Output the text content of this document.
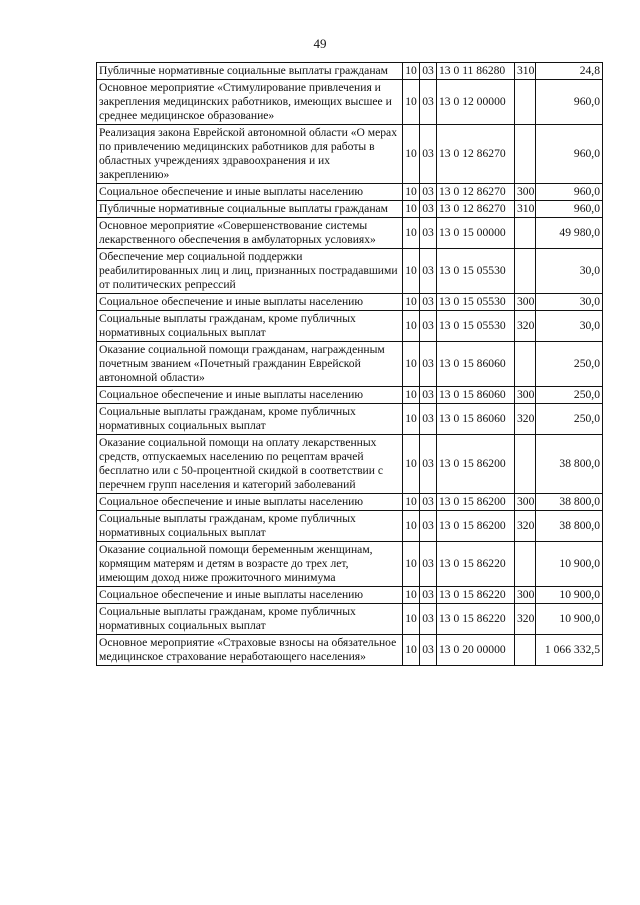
49
Публичные нормативные социальные выплаты гражданам	10	03	13 0 11 86280	310	24,8
Основное мероприятие «Стимулирование привлечения и закрепления медицинских работников, имеющих высшее и среднее медицинское образование»	10	03	13 0 12 00000		960,0
Реализация закона Еврейской автономной области «О мерах по привлечению медицинских работников для работы в областных учреждениях здравоохранения и их закреплению»	10	03	13 0 12 86270		960,0
Социальное обеспечение и иные выплаты населению	10	03	13 0 12 86270	300	960,0
Публичные нормативные социальные выплаты гражданам	10	03	13 0 12 86270	310	960,0
Основное мероприятие «Совершенствование системы лекарственного обеспечения в амбулаторных условиях»	10	03	13 0 15 00000		49 980,0
Обеспечение мер социальной поддержки реабилитированных лиц и лиц, признанных пострадавшими от политических репрессий	10	03	13 0 15 05530		30,0
Социальное обеспечение и иные выплаты населению	10	03	13 0 15 05530	300	30,0
Социальные выплаты гражданам, кроме публичных нормативных социальных выплат	10	03	13 0 15 05530	320	30,0
Оказание социальной помощи гражданам, награжденным почетным званием «Почетный гражданин Еврейской автономной области»	10	03	13 0 15 86060		250,0
Социальное обеспечение и иные выплаты населению	10	03	13 0 15 86060	300	250,0
Социальные выплаты гражданам, кроме публичных нормативных социальных выплат	10	03	13 0 15 86060	320	250,0
Оказание социальной помощи на оплату лекарственных средств, отпускаемых населению по рецептам врачей бесплатно или с 50-процентной скидкой в соответствии с перечнем групп населения и категорий заболеваний	10	03	13 0 15 86200		38 800,0
Социальное обеспечение и иные выплаты населению	10	03	13 0 15 86200	300	38 800,0
Социальные выплаты гражданам, кроме публичных нормативных социальных выплат	10	03	13 0 15 86200	320	38 800,0
Оказание социальной помощи беременным женщинам, кормящим матерям и детям в возрасте до трех лет, имеющим доход ниже прожиточного минимума	10	03	13 0 15 86220		10 900,0
Социальное обеспечение и иные выплаты населению	10	03	13 0 15 86220	300	10 900,0
Социальные выплаты гражданам, кроме публичных нормативных социальных выплат	10	03	13 0 15 86220	320	10 900,0
Основное мероприятие «Страховые взносы на обязательное медицинское страхование неработающего населения»	10	03	13 0 20 00000		1 066 332,5
